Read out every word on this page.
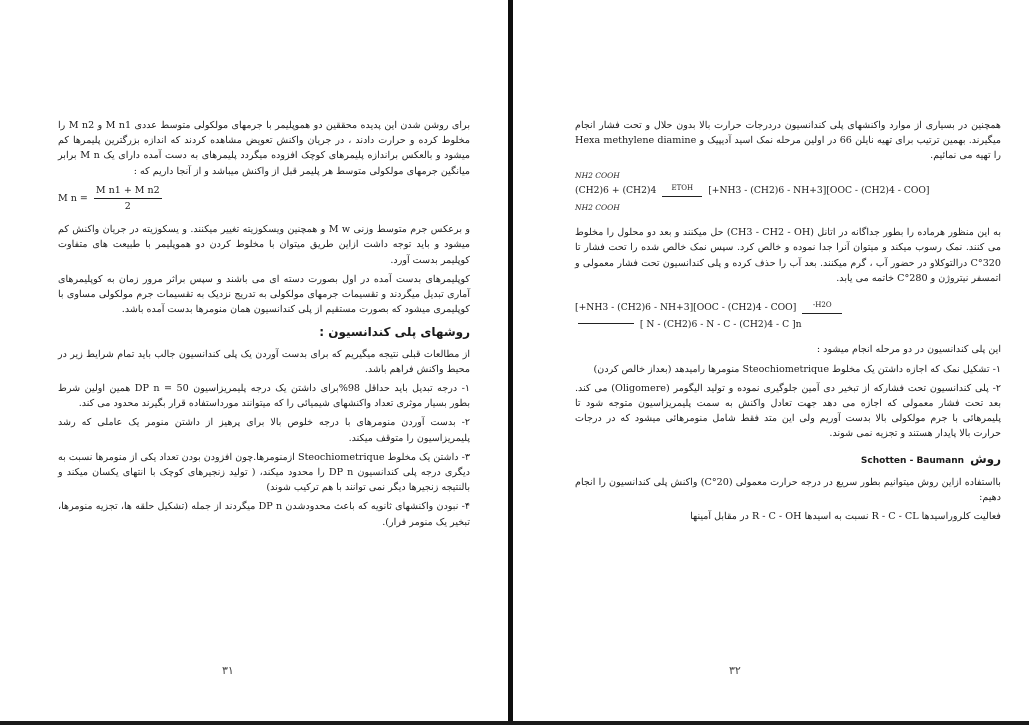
برای روشن شدن این پدیده محققین دو هموپلیمر با جرمهای مولکولی متوسط عددی M n1 و M n2 را مخلوط کرده و حرارت دادند ، در جریان واکنش تعویض مشاهده کردند که اندازه بزرگترین پلیمرها کم میشود و بالعکس براندازه پلیمرهای کوچک افزوده میگردد پلیمرهای به دست آمده دارای یک M n برابر میانگین جرمهای مولکولی متوسط هر پلیمر قبل از واکنش میباشد و از آنجا داریم که :

M $n = \frac{\text{M n1 + M n2}}{2}$

و برعکس جرم متوسط وزنی M w و همچنین ویسکوزیته تغییر میکنند. و یسکوزیته در جریان واکنش کم میشود و باید توجه داشت ازاین طریق میتوان با مخلوط کردن دو هموپلیمر با طبیعت های متفاوت کوپلیمر بدست آورد.

کوپلیمرهای بدست آمده در اول بصورت دسته ای می باشند و سپس براثر مرور زمان به کوپلیمرهای آماری تبدیل میگردند و تقسیمات جرمهای مولکولی به تدریج نزدیک به تقسیمات جرم مولکولی مساوی با کوپلیمری میشود که بصورت مستقیم از پلی کندانسیون همان منومرها بدست آمده باشد.

روشهای پلی کندانسیون :

از مطالعات قبلی نتیجه میگیریم که برای بدست آوردن یک پلی کندانسیون جالب باید تمام شرایط زیر در محیط واکنش فراهم باشد.

۱- درجه تبدیل باید حداقل 98%برای داشتن یک درجه پلیمریزاسیون 50 = DP n همین اولین شرط بطور بسیار موثری تعداد واکنشهای شیمیائی را که میتوانند مورداستفاده قرار بگیرند محدود می کند.

۲- بدست آوردن منومرهای با درجه خلوص بالا برای پرهیز از داشتن منومر یک عاملی که رشد پلیمریزاسیون را متوقف میکند.

۳- داشتن یک مخلوط Steochiometrique ازمنومرها.چون افزودن بودن تعداد یکی از منومرها نسبت به دیگری درجه پلی کندانسیون DP n را محدود میکند، ( تولید زنجیرهای کوچک با انتهای یکسان میکند و بالنتیجه زنجیرها دیگر نمی توانند با هم ترکیب شوند)

۴- نبودن واکنشهای ثانویه که باعث محدودشدن DP n میگردند از جمله (تشکیل حلقه ها، تجزیه منومرها، تبخیر یک منومر فرار).

۳۱

همچنین در بسیاری از موارد واکنشهای پلی کندانسیون دردرجات حرارت بالا بدون حلال و تحت فشار انجام میگیرند. بهمین ترتیب برای تهیه نایلن 66 در اولین مرحله نمک اسید آدیپیک و Hexa methylene diamine را تهیه می نمائیم.

NH2 COOH
(CH2)6 + (CH2)4 ETOH [+NH3 - (CH2)6 - NH+3][OOC - (CH2)4 - COO]
NH2 COOH

به این منظور هرماده را بطور جداگانه در اتانل (CH3 - CH2 - OH) حل میکنند و بعد دو محلول را مخلوط می کنند. نمک رسوب میکند و میتوان آنرا جدا نموده و خالص کرد. سپس نمک خالص شده را تحت فشار تا 320°C درالتوکلاو در حضور آب ، گرم میکنند. بعد آب را حذف کرده و پلی کندانسیون تحت فشار معمولی و اتمسفر نیتروژن و 280°C خاتمه می یابد.

[+NH3 - (CH2)6 - NH+3][OOC - (CH2)4 - COO] -H2O
[ N - (CH2)6 - N - C - (CH2)4 - C ]n

این پلی کندانسیون در دو مرحله انجام میشود :

۱- تشکیل نمک که اجازه داشتن یک مخلوط Steochiometrique منومرها رامیدهد (بعداز خالص کردن)

۲- پلی کندانسیون تحت فشارکه از تبخیر دی آمین جلوگیری نموده و تولید الیگومر (Oligomere) می کند. بعد تحت فشار معمولی که اجازه می دهد جهت تعادل واکنش به سمت پلیمریزاسیون متوجه شود تا پلیمرهائی با جرم مولکولی بالا بدست آوریم ولی این متد فقط شامل منومرهائی میشود که در درجات حرارت بالا پایدار هستند و تجزیه نمی شوند.

روش
Schotten - Baumann

بااستفاده ازاین روش میتوانیم بطور سریع در درجه حرارت معمولی (20°C) واکنش پلی کندانسیون را انجام دهیم:

فعالیت کلروراسیدها R - C - CL نسبت به اسیدها R - C - OH در مقابل آمینها

۳۲
